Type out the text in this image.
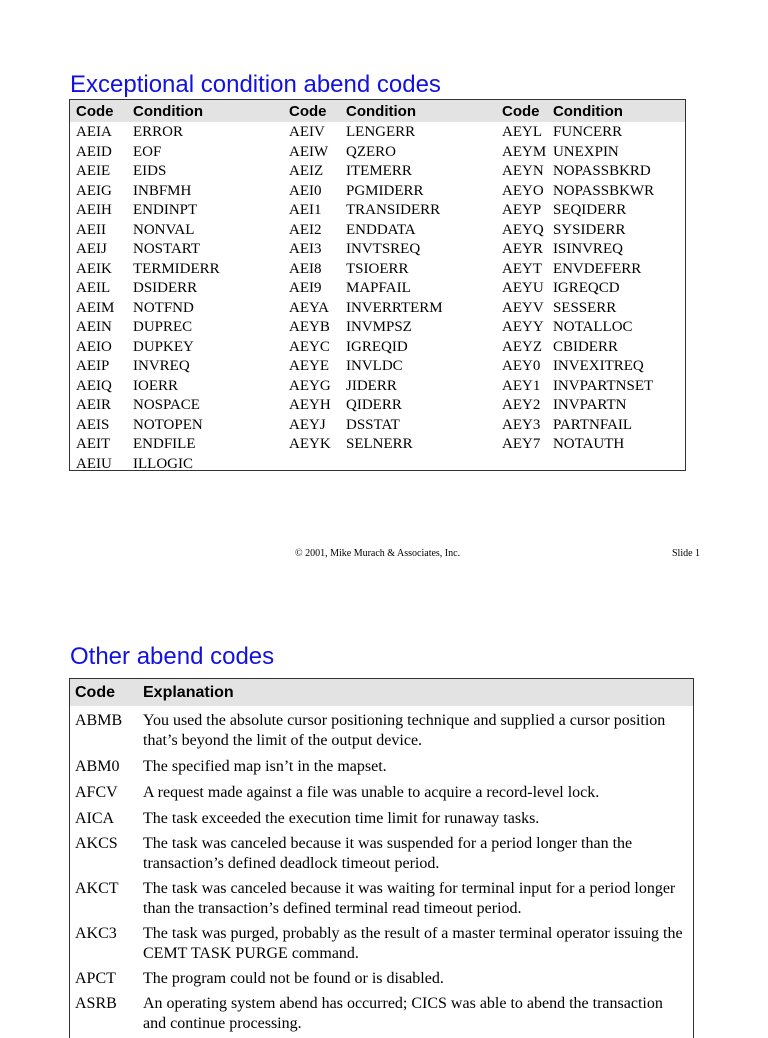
Exceptional condition abend codes
Code	Condition	Code	Condition	Code Condition
AEIA	ERROR	AEIV	LENGERR	AEYL FUNCERR
AEID	EOF	AEIW	QZERO	AEYM UNEXPIN
AEIE	EIDS	AEIZ	ITEMERR	AEYN NOPASSBKRD
AEIG	INBFMH	AEI0	PGMIDERR	AEYO NOPASSBKWR
AEIH	ENDINPT	AEI1	TRANSIDERR	AEYP SEQIDERR
AEII	NONVAL	AEI2	ENDDATA	AEYQ SYSIDERR
AEIJ	NOSTART	AEI3	INVTSREQ	AEYR ISINVREQ
AEIK	TERMIDERR	AEI8	TSIOERR	AEYT ENVDEFERR
AEIL	DSIDERR	AEI9	MAPFAIL	AEYU IGREQCD
AEIM	NOTFND	AEYA	INVERRTERM	AEYV SESSERR
AEIN	DUPREC	AEYB	INVMPSZ	AEYY NOTALLOC
AEIO	DUPKEY	AEYC	IGREQID	AEYZ CBIDERR
AEIP	INVREQ	AEYE	INVLDC	AEY0 INVEXITREQ
AEIQ	IOERR	AEYG	JIDERR	AEY1 INVPARTNSET
AEIR	NOSPACE	AEYH	QIDERR	AEY2 INVPARTN
AEIS	NOTOPEN	AEYJ	DSSTAT	AEY3 PARTNFAIL
AEIT	ENDFILE	AEYK	SELNERR	AEY7 NOTAUTH
AEIU	ILLOGIC
© 2001, Mike Murach & Associates, Inc.	Slide 1
Other abend codes
Code	Explanation
ABMB	You used the absolute cursor positioning technique and supplied a cursor position that’s beyond the limit of the output device.
ABM0	The specified map isn’t in the mapset.
AFCV	A request made against a file was unable to acquire a record-level lock.
AICA	The task exceeded the execution time limit for runaway tasks.
AKCS	The task was canceled because it was suspended for a period longer than the transaction’s defined deadlock timeout period.
AKCT	The task was canceled because it was waiting for terminal input for a period longer than the transaction’s defined terminal read timeout period.
AKC3	The task was purged, probably as the result of a master terminal operator issuing the CEMT TASK PURGE command.
APCT	The program could not be found or is disabled.
ASRB	An operating system abend has occurred; CICS was able to abend the transaction and continue processing.
